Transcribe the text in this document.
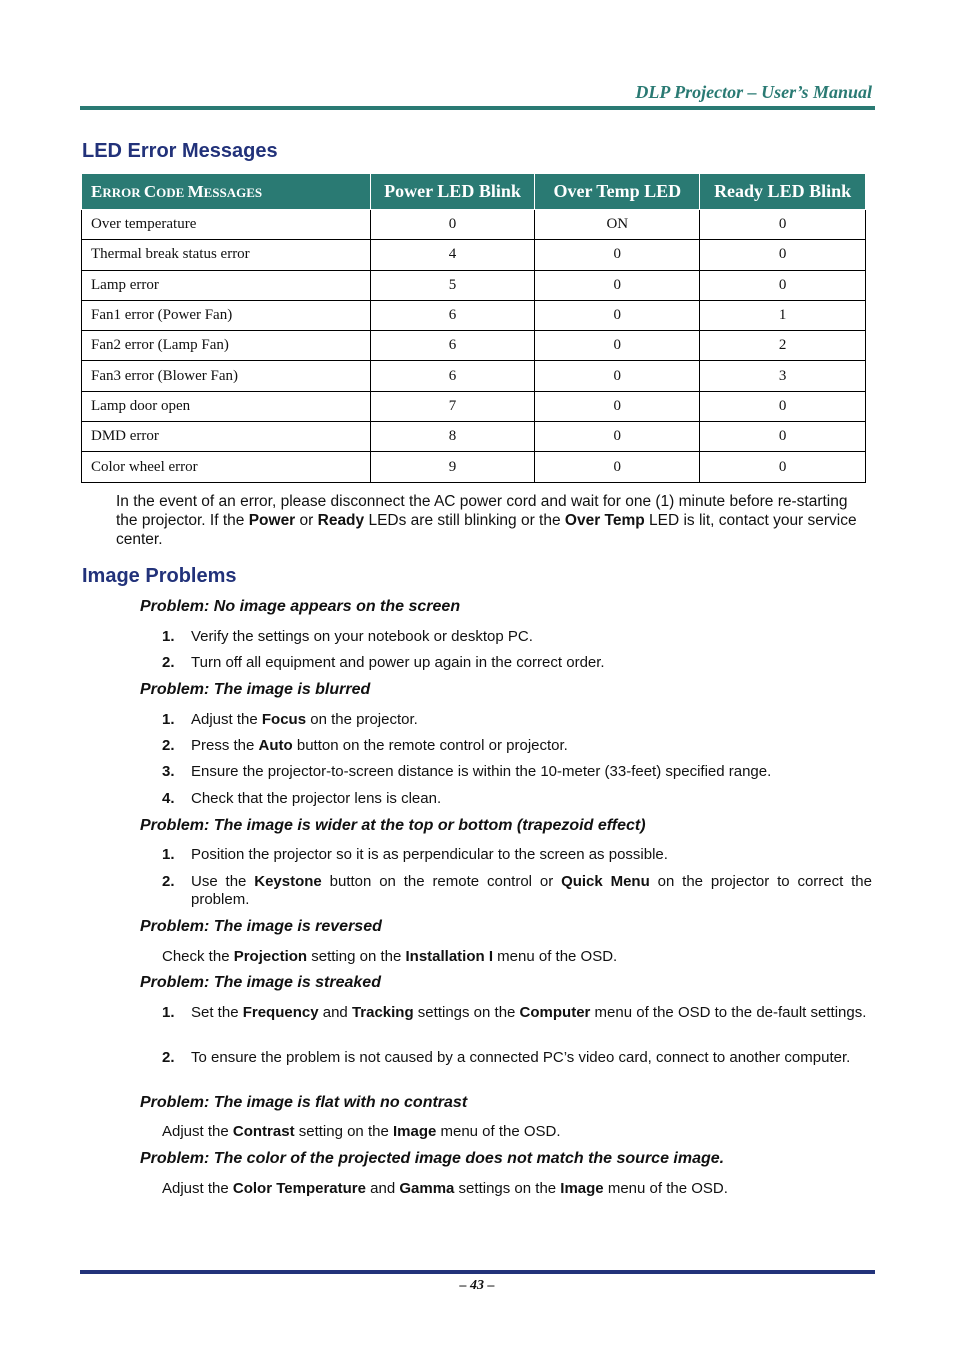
DLP Projector – User’s Manual
LED Error Messages
ERROR CODE MESSAGES	Power LED Blink	Over Temp LED	Ready LED Blink
Over temperature	0	ON	0
Thermal break status error	4	0	0
Lamp error	5	0	0
Fan1 error (Power Fan)	6	0	1
Fan2 error (Lamp Fan)	6	0	2
Fan3 error (Blower Fan)	6	0	3
Lamp door open	7	0	0
DMD error	8	0	0
Color wheel error	9	0	0
In the event of an error, please disconnect the AC power cord and wait for one (1) minute before re-starting the projector. If the Power or Ready LEDs are still blinking or the Over Temp LED is lit, contact your service center.
Image Problems
Problem: No image appears on the screen
1. Verify the settings on your notebook or desktop PC.
2. Turn off all equipment and power up again in the correct order.
Problem: The image is blurred
1. Adjust the Focus on the projector.
2. Press the Auto button on the remote control or projector.
3. Ensure the projector-to-screen distance is within the 10-meter (33-feet) specified range.
4. Check that the projector lens is clean.
Problem: The image is wider at the top or bottom (trapezoid effect)
1. Position the projector so it is as perpendicular to the screen as possible.
2. Use the Keystone button on the remote control or Quick Menu on the projector to correct the problem.
Problem: The image is reversed
Check the Projection setting on the Installation I menu of the OSD.
Problem: The image is streaked
1. Set the Frequency and Tracking settings on the Computer menu of the OSD to the de-fault settings.
2. To ensure the problem is not caused by a connected PC’s video card, connect to another computer.
Problem: The image is flat with no contrast
Adjust the Contrast setting on the Image menu of the OSD.
Problem: The color of the projected image does not match the source image.
Adjust the Color Temperature and Gamma settings on the Image menu of the OSD.
– 43 –
